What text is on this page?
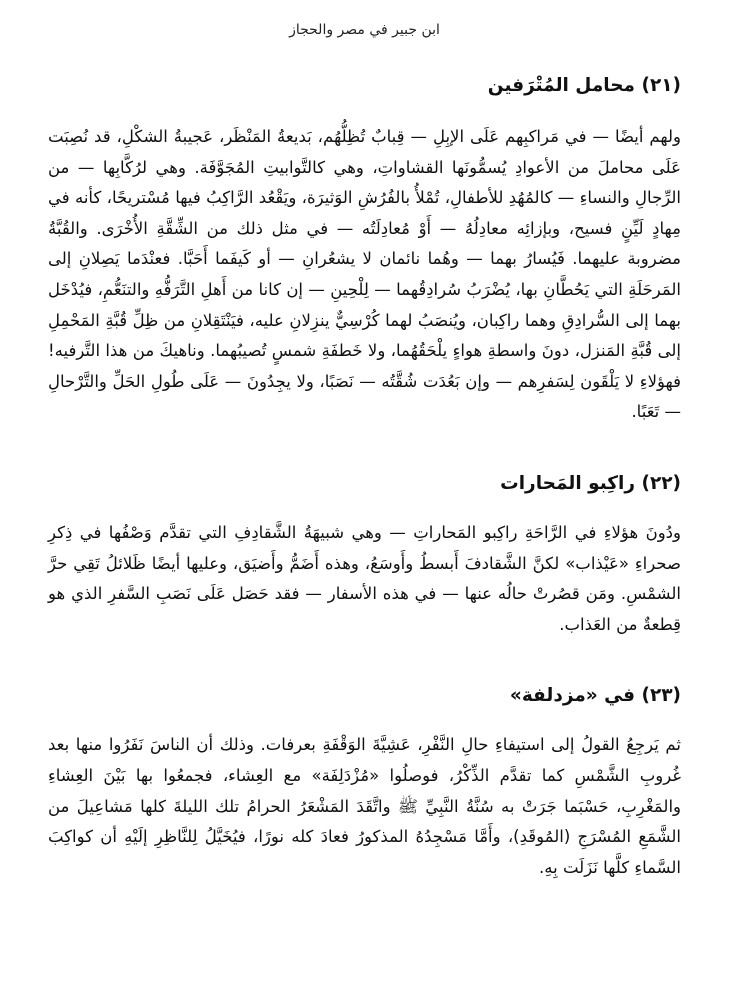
ابن جبير في مصر والحجاز
(٢١) محامل المُتْرَفين

ولهم أيضًا — في مَراكبِهم عَلَى الإبِلِ — قِبابٌ تُظِلُّهُم، بَديعةُ المَنْظَر، عَجيبةُ الشكْلِ، قد نُصِبَت عَلَى محاملَ من الأعوادِ يُسمُّونَها القشاواتِ، وهي كالتَّوابيتِ المُجَوَّفَة. وهي لرُكَّابِها — من الرِّجالِ والنساءِ — كالمُهُدِ للأطفالِ، تُمْلأُ بالفُرُشِ الوَثيرَة، ويَقْعُد الرَّاكِبُ فيها مُسْتريحًا، كأنه في مِهادٍ لَيِّنٍ فسيح، وبإزائِه معادِلُهُ — أَوْ مُعادِلَتُه — في مثل ذلك من الشِّقَّةِ الأُخْرَى. والقُبَّةُ مضروبة عليهما. فَيُسارُ بهما — وهُما نائمان لا يشعُرانِ — أو كَيفَما أَحَبَّا. فعنْدَما يَصِلانِ إلى المَرحَلَةِ التي يَحُطَّانِ بها، يُضْرَبُ سُرادِقُهما — لِلْحِينِ — إن كانا من أَهلِ التَّرَفُّهِ والتنَعُّمِ، فيُدْخَل بهما إلى السُّرادِقِ وهما راكِبان، ويُنصَبُ لهما كُرْسِيٌّ ينزِلانِ عليه، فيَنْتَقِلانِ من ظِلِّ قُبَّةِ المَحْمِلِ إلى قُبَّةِ المَنزل، دونَ واسطةِ هواءٍ يلْحَقُهُما، ولا خَطفَةِ شمسٍ تُصيبُهما. وناهيكَ من هذا التَّرفيه! فهؤلاءِ لا يَلْقَون لِسَفرِهم — وإن بَعُدَت شُقَّتُه — نَصَبًا، ولا يجِدُونَ — عَلَى طُولِ الحَلِّ والتَّرْحالِ — تَعَبًا.

(٢٢) راكِبو المَحارات

ودُونَ هؤلاءِ في الرَّاحَةِ راكِبو المَحاراتِ — وهي شبيهَةُ الشَّقادِفِ التي تقدَّم وَصْفُها في ذِكرِ صحراءِ «عَيْذاب» لكنَّ الشَّقادفَ أَبسطُ وأَوسَعُ، وهذه أَضَمُّ وأَضيَق، وعليها أيضًا ظَلائلُ تَقِي حرَّ الشمْسِ. ومَن قصُرتْ حالُه عنها — في هذه الأسفار — فقد حَصَل عَلَى نَصَبِ السَّفرِ الذي هو قِطعةٌ من العَذاب.

(٢٣) في «مزدلفة»

ثم يَرجِعُ القولُ إلى استيفاءِ حالِ النَّفْرِ، عَشِيَّةَ الوَقْفَةِ بعرفات. وذلك أن الناسَ نَفَرُوا منها بعد غُروبِ الشَّمْسِ كما تقدَّم الذِّكْرُ، فوصلُوا «مُزْدَلِفَة» مع العِشاء، فجمعُوا بها بَيْنَ العِشاءِ والمَغْرِبِ، حَسْبَما جَرَتْ به سُنَّةُ النَّبِيِّ ﷺ واتَّقَدَ المَشْعَرُ الحرامُ تلك الليلةَ كلها مَشاعِيلَ من الشَّمَعِ المُسْرَجِ (المُوقَدِ)، وأَمَّا مَسْجِدُهُ المذكورُ فعادَ كله نورًا، فيُخَيَّلُ لِلنَّاظِرِ إلَيْهِ أن كواكِبَ السَّماءِ كلَّها نَزَلَت بِهِ.
